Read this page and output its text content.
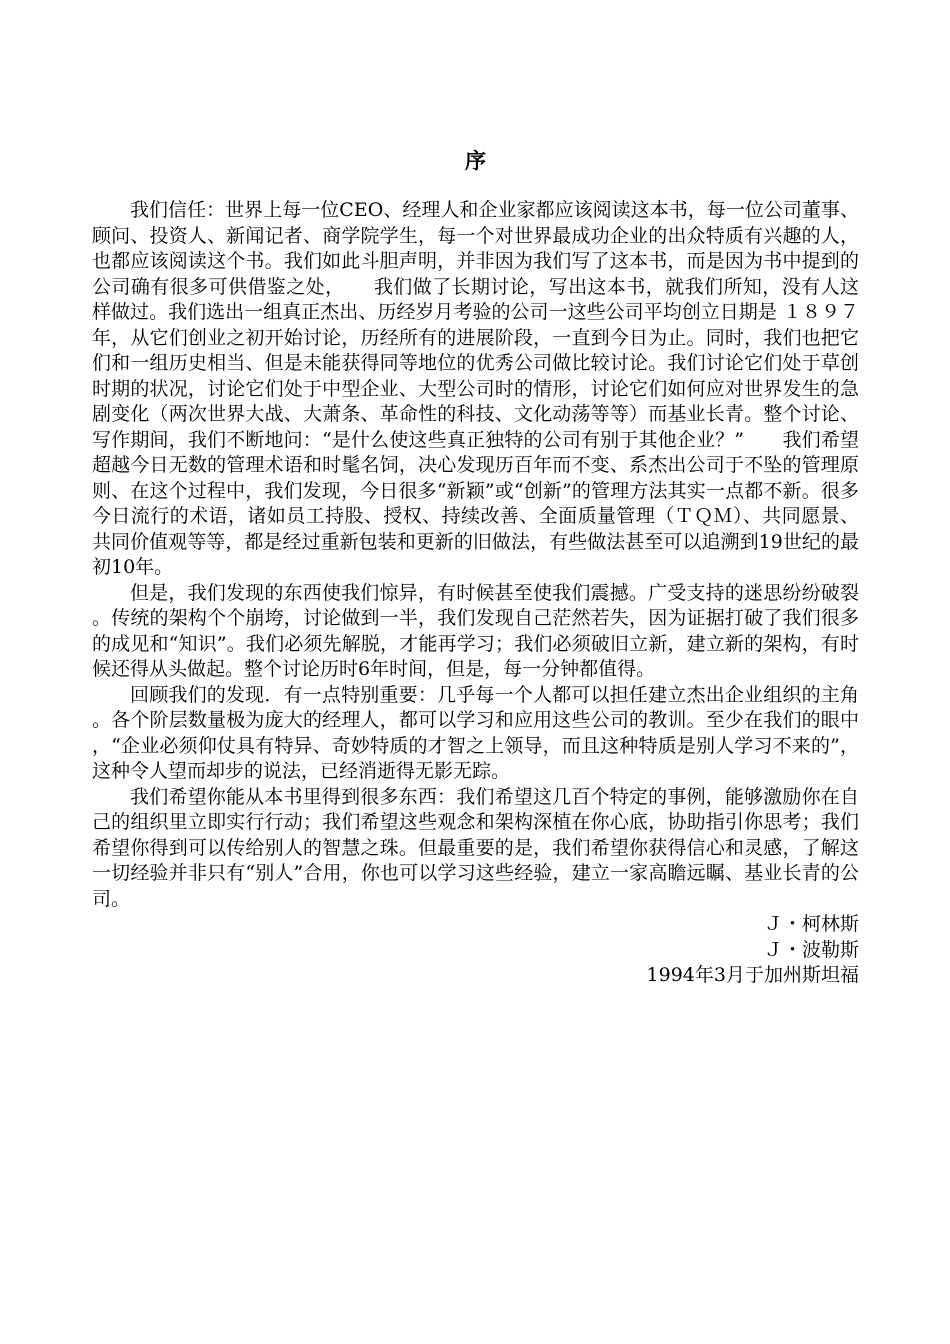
序

我们信任：世界上每一位CEO、经理人和企业家都应该阅读这本书，每一位公司董事、顾问、投资人、新闻记者、商学院学生，每一个对世界最成功企业的出众特质有兴趣的人，也都应该阅读这个书。我们如此斗胆声明，并非因为我们写了这本书，而是因为书中提到的公司确有很多可供借鉴之处，　　我们做了长期讨论，写出这本书，就我们所知，没有人这样做过。我们选出一组真正杰出、历经岁月考验的公司一这些公司平均创立日期是 １８９７年，从它们创业之初开始讨论，历经所有的进展阶段，一直到今日为止。同时，我们也把它们和一组历史相当、但是未能获得同等地位的优秀公司做比较讨论。我们讨论它们处于草创时期的状况，讨论它们处于中型企业、大型公司时的情形，讨论它们如何应对世界发生的急剧变化（两次世界大战、大萧条、革命性的科技、文化动荡等等）而基业长青。整个讨论、写作期间，我们不断地问：“是什么使这些真正独特的公司有别于其他企业？”　　我们希望超越今日无数的管理术语和时髦名饲，决心发现历百年而不变、系杰出公司于不坠的管理原则、在这个过程中，我们发现，今日很多“新颖”或“创新”的管理方法其实一点都不新。很多今日流行的术语，诸如员工持股、授权、持续改善、全面质量管理（ＴＱＭ）、共同愿景、共同价值观等等，都是经过重新包装和更新的旧做法，有些做法甚至可以追溯到19世纪的最初10年。

但是，我们发现的东西使我们惊异，有时候甚至使我们震撼。广受支持的迷思纷纷破裂。传统的架构个个崩垮，讨论做到一半，我们发现自己茫然若失，因为证据打破了我们很多的成见和“知识”。我们必须先解脱，才能再学习；我们必须破旧立新，建立新的架构，有时候还得从头做起。整个讨论历时6年时间，但是，每一分钟都值得。

回顾我们的发现．有一点特别重要：几乎每一个人都可以担任建立杰出企业组织的主角。各个阶层数量极为庞大的经理人，都可以学习和应用这些公司的教训。至少在我们的眼中，“企业必须仰仗具有特异、奇妙特质的才智之上领导，而且这种特质是别人学习不来的”，这种令人望而却步的说法，已经消逝得无影无踪。

我们希望你能从本书里得到很多东西：我们希望这几百个特定的事例，能够激励你在自己的组织里立即实行行动；我们希望这些观念和架构深植在你心底，协助指引你思考；我们希望你得到可以传给别人的智慧之珠。但最重要的是，我们希望你获得信心和灵感，了解这一切经验并非只有“别人”合用，你也可以学习这些经验，建立一家高瞻远瞩、基业长青的公司。

Ｊ・柯林斯

Ｊ・波勒斯

1994年3月于加州斯坦福
